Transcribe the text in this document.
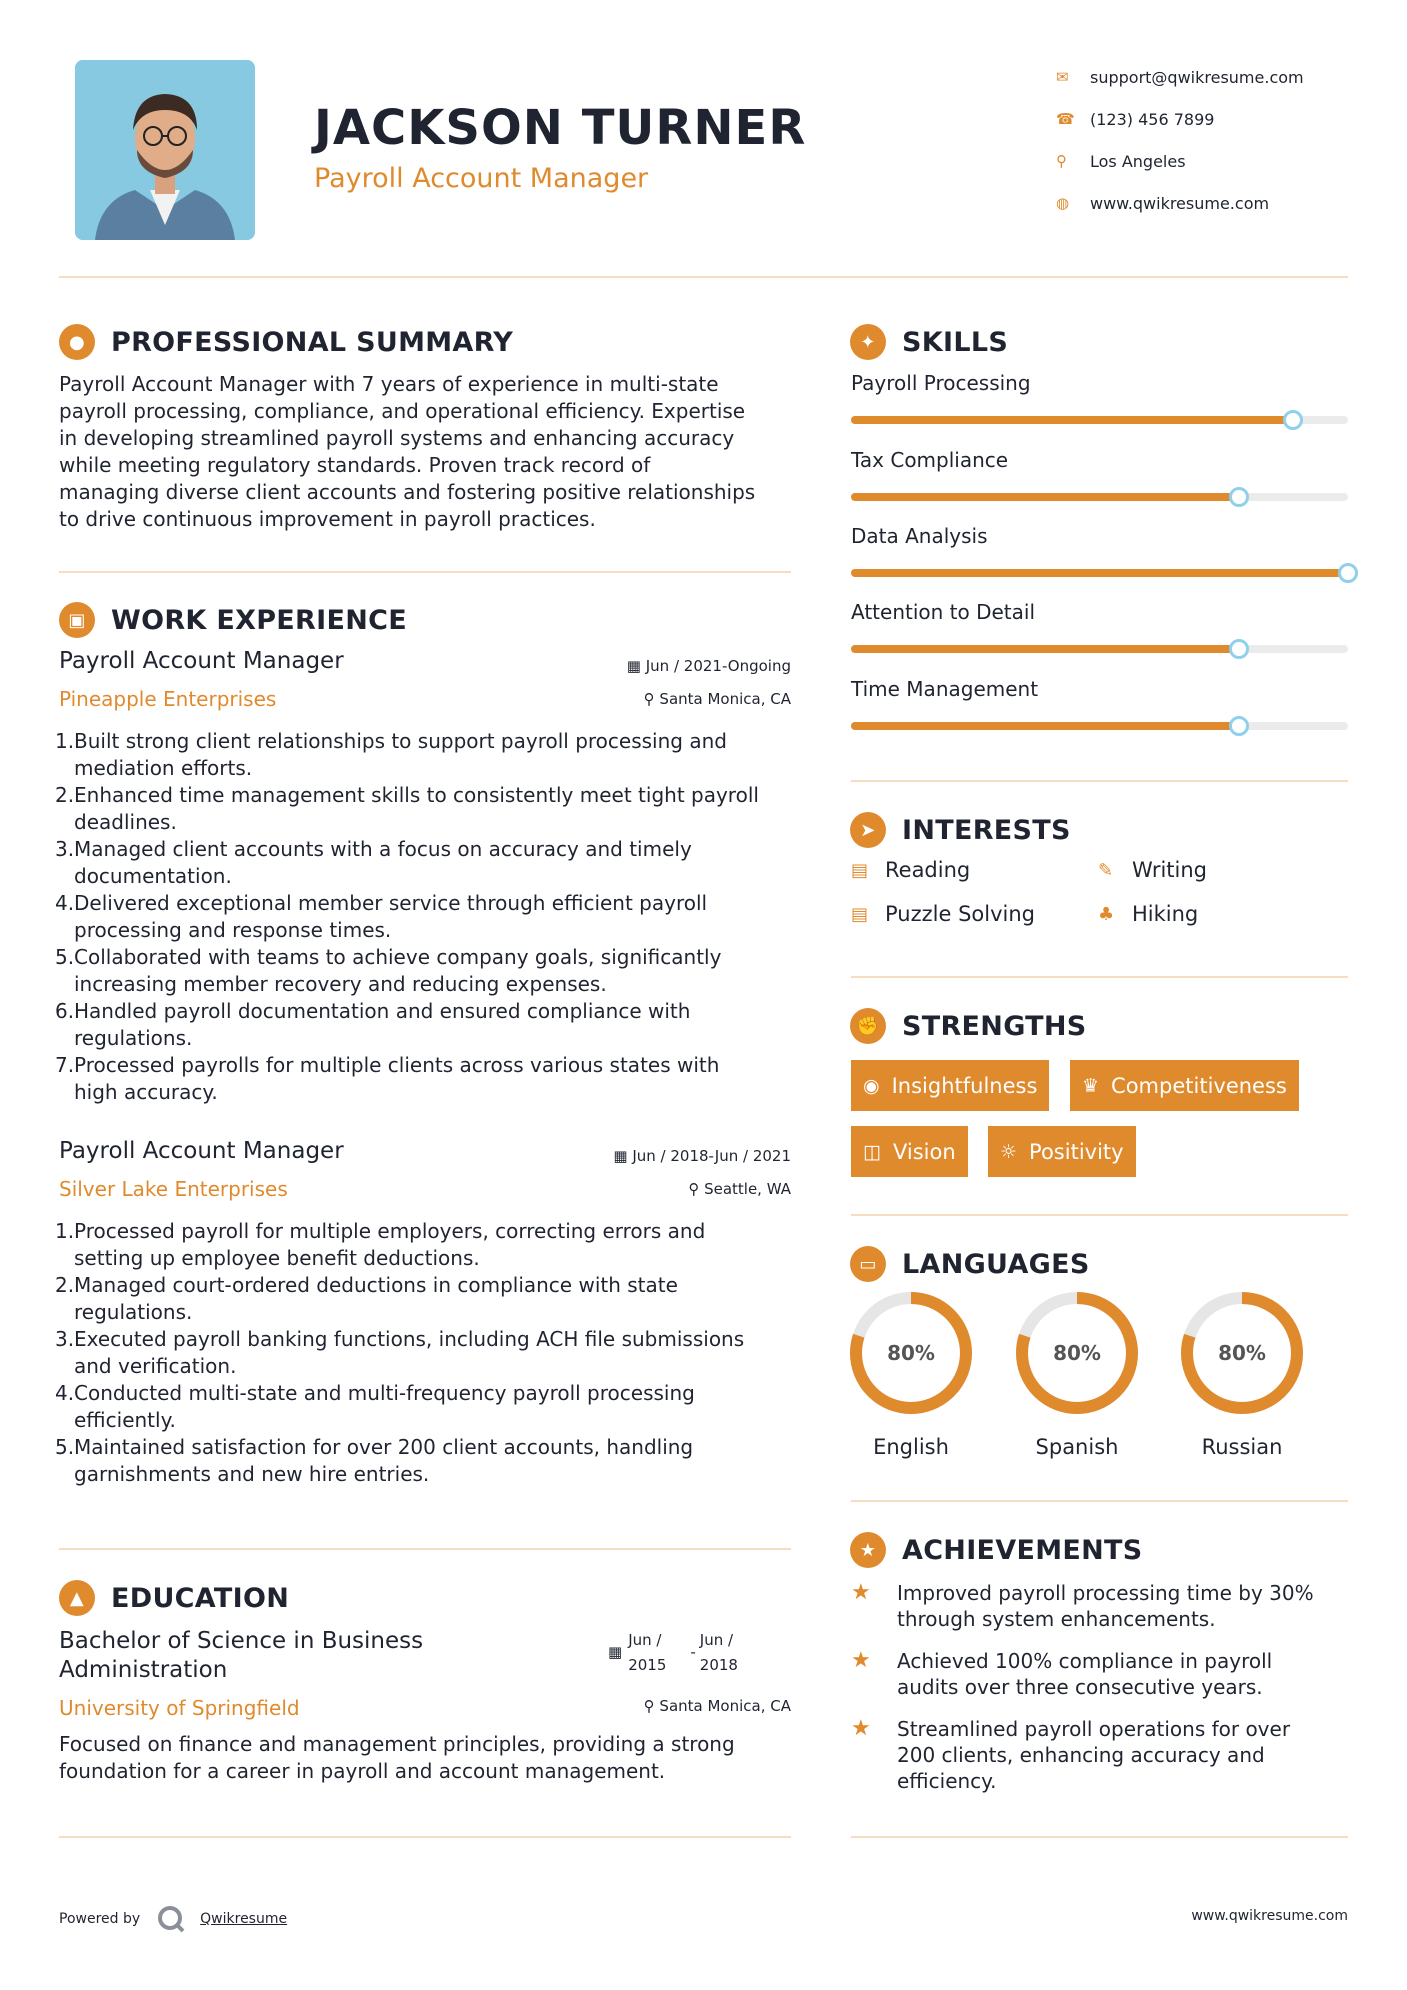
JACKSON TURNER
Payroll Account Manager
✉	support@qwikresume.com
☎ (123) 456 7899
⚲	Los Angeles
◍	www.qwikresume.com
● PROFESSIONAL SUMMARY
Payroll Account Manager with 7 years of experience in multi-state
payroll processing, compliance, and operational efficiency. Expertise
in developing streamlined payroll systems and enhancing accuracy
while meeting regulatory standards. Proven track record of
managing diverse client accounts and fostering positive relationships
to drive continuous improvement in payroll practices.
▣ WORK EXPERIENCE
Payroll Account Manager
Pineapple Enterprises
▦ Jun / 2021-Ongoing
⚲ Santa Monica, CA
1. Built strong client relationships to support payroll processing and
mediation efforts.
2. Enhanced time management skills to consistently meet tight payroll
deadlines.
3. Managed client accounts with a focus on accuracy and timely
documentation.
4. Delivered exceptional member service through efficient payroll
processing and response times.
5. Collaborated with teams to achieve company goals, significantly
increasing member recovery and reducing expenses.
6. Handled payroll documentation and ensured compliance with
regulations.
7. Processed payrolls for multiple clients across various states with
high accuracy.
Payroll Account Manager
Silver Lake Enterprises
▦ Jun / 2018-Jun / 2021
⚲ Seattle, WA
1. Processed payroll for multiple employers, correcting errors and
setting up employee benefit deductions.
2. Managed court-ordered deductions in compliance with state
regulations.
3. Executed payroll banking functions, including ACH file submissions
and verification.
4. Conducted multi-state and multi-frequency payroll processing
efficiently.
5. Maintained satisfaction for over 200 client accounts, handling
garnishments and new hire entries.
▲ EDUCATION
Bachelor of Science in Business
Administration
University of Springfield
▦
Jun /
2015
-
Jun /
2018
⚲ Santa Monica, CA
Focused on finance and management principles, providing a strong
foundation for a career in payroll and account management.
✦ SKILLS
Payroll Processing
Tax Compliance
Data Analysis
Attention to Detail
Time Management
➤ INTERESTS
▤ Reading	✎ Writing
▤ Puzzle Solving	♣ Hiking
✊ STRENGTHS
◉ Insightfulness ♛ Competitiveness
◫ Vision ☼ Positivity
▭ LANGUAGES
80%
English
80%
Spanish
80%
Russian
★ ACHIEVEMENTS
★	Improved payroll processing time by 30%
through system enhancements.
★	Achieved 100% compliance in payroll
audits over three consecutive years.
★	Streamlined payroll operations for over
200 clients, enhancing accuracy and
efficiency.
Powered by	Qwikresume	www.qwikresume.com
